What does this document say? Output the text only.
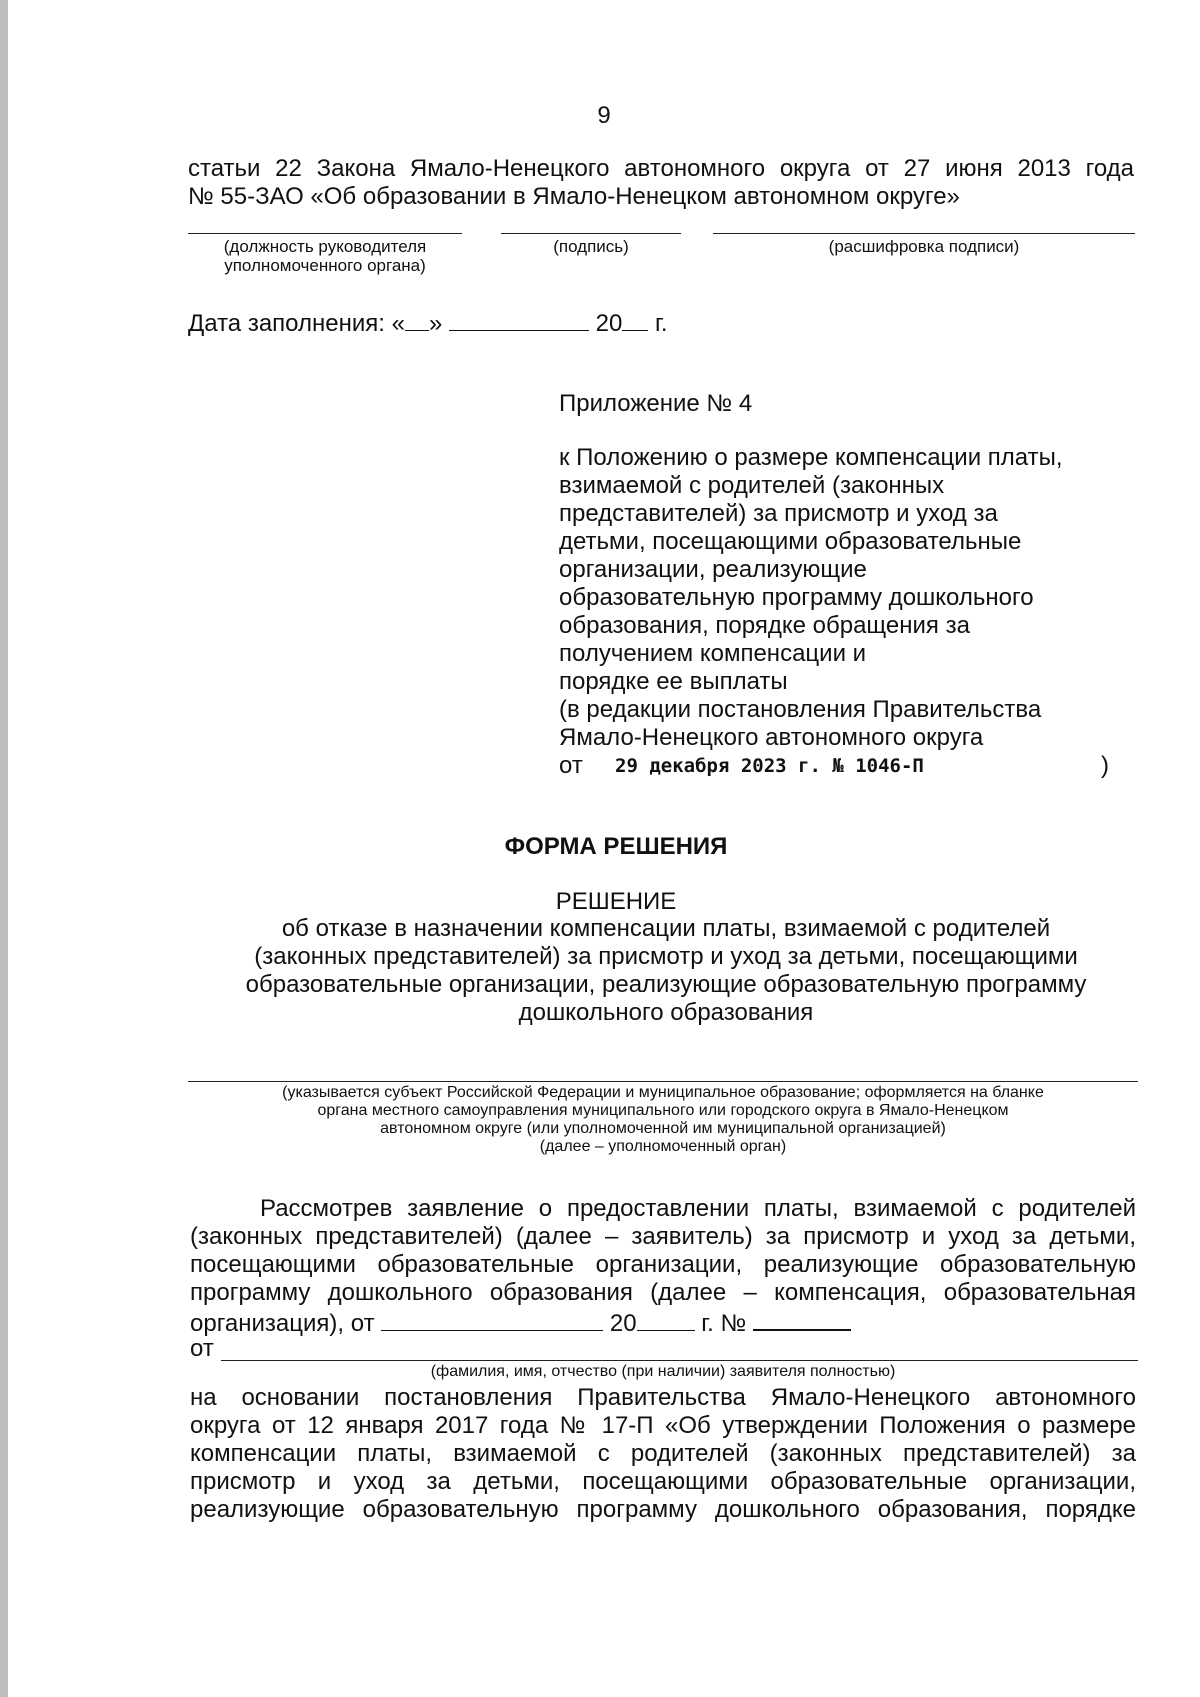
9
статьи 22 Закона Ямало-Ненецкого автономного округа от 27 июня 2013 года
№ 55-ЗАО «Об образовании в Ямало-Ненецком автономном округе»
(должность руководителя
уполномоченного органа)
(подпись)	(расшифровка подписи)
Дата заполнения: « »	20 г.
Приложение № 4
к Положению о размере компенсации платы,
взимаемой с родителей (законных
представителей) за присмотр и уход за
детьми, посещающими образовательные
организации, реализующие
образовательную программу дошкольного
образования, порядке обращения за
получением компенсации и
порядке ее выплаты
(в редакции постановления Правительства
Ямало-Ненецкого автономного округа
от 29 декабря 2023 г. № 1046-П	)
ФОРМА РЕШЕНИЯ
РЕШЕНИЕ
об отказе в назначении компенсации платы, взимаемой с родителей
(законных представителей) за присмотр и уход за детьми, посещающими
образовательные организации, реализующие образовательную программу
дошкольного образования
(указывается субъект Российской Федерации и муниципальное образование; оформляется на бланке
органа местного самоуправления муниципального или городского округа в Ямало-Ненецком
автономном округе (или уполномоченной им муниципальной организацией)
(далее – уполномоченный орган)
Рассмотрев заявление о предоставлении платы, взимаемой с родителей
(законных представителей) (далее – заявитель) за присмотр и уход за детьми,
посещающими образовательные организации, реализующие образовательную
программу дошкольного образования (далее – компенсация, образовательная
организация), от	20	г. №
от
(фамилия, имя, отчество (при наличии) заявителя полностью)
на основании постановления Правительства Ямало-Ненецкого автономного
округа от 12 января 2017 года № 17-П «Об утверждении Положения о размере
компенсации платы, взимаемой с родителей (законных представителей) за
присмотр и уход за детьми, посещающими образовательные организации,
реализующие образовательную программу дошкольного образования, порядке
